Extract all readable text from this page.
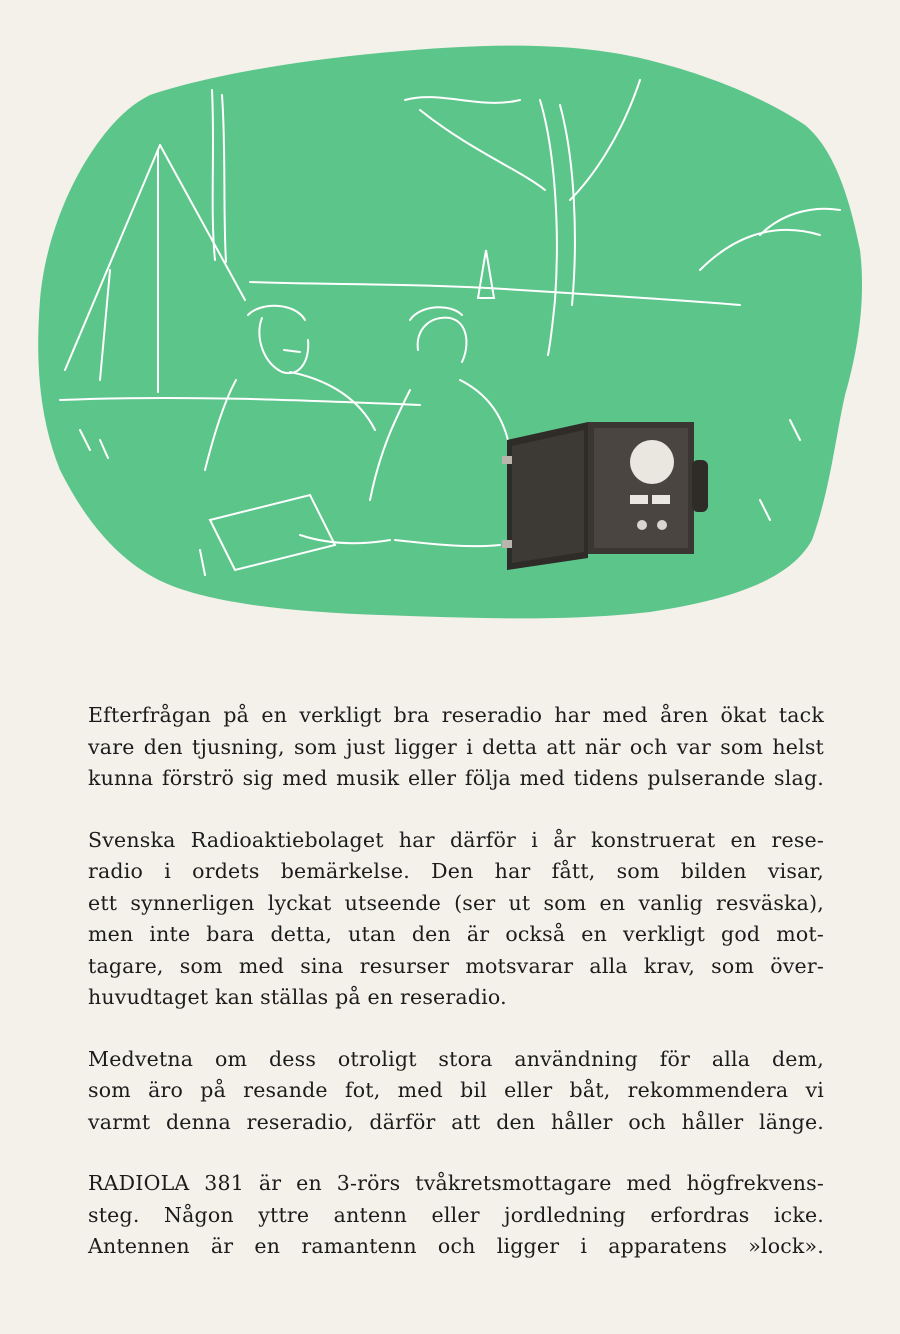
Efterfrågan på en verkligt bra reseradio har med åren ökat tack
vare den tjusning, som just ligger i detta att när och var som helst
kunna förströ sig med musik eller följa med tidens pulserande slag.

Svenska Radioaktiebolaget har därför i år konstruerat en rese-
radio i ordets bemärkelse. Den har fått, som bilden visar,
ett synnerligen lyckat utseende (ser ut som en vanlig resväska),
men inte bara detta, utan den är också en verkligt god mot-
tagare, som med sina resurser motsvarar alla krav, som över-
huvudtaget kan ställas på en reseradio.

Medvetna om dess otroligt stora användning för alla dem,
som äro på resande fot, med bil eller båt, rekommendera vi
varmt denna reseradio, därför att den håller och håller länge.

RADIOLA 381 är en 3-rörs tvåkretsmottagare med högfrekvens-
steg. Någon yttre antenn eller jordledning erfordras icke.
Antennen är en ramantenn och ligger i apparatens »lock».
